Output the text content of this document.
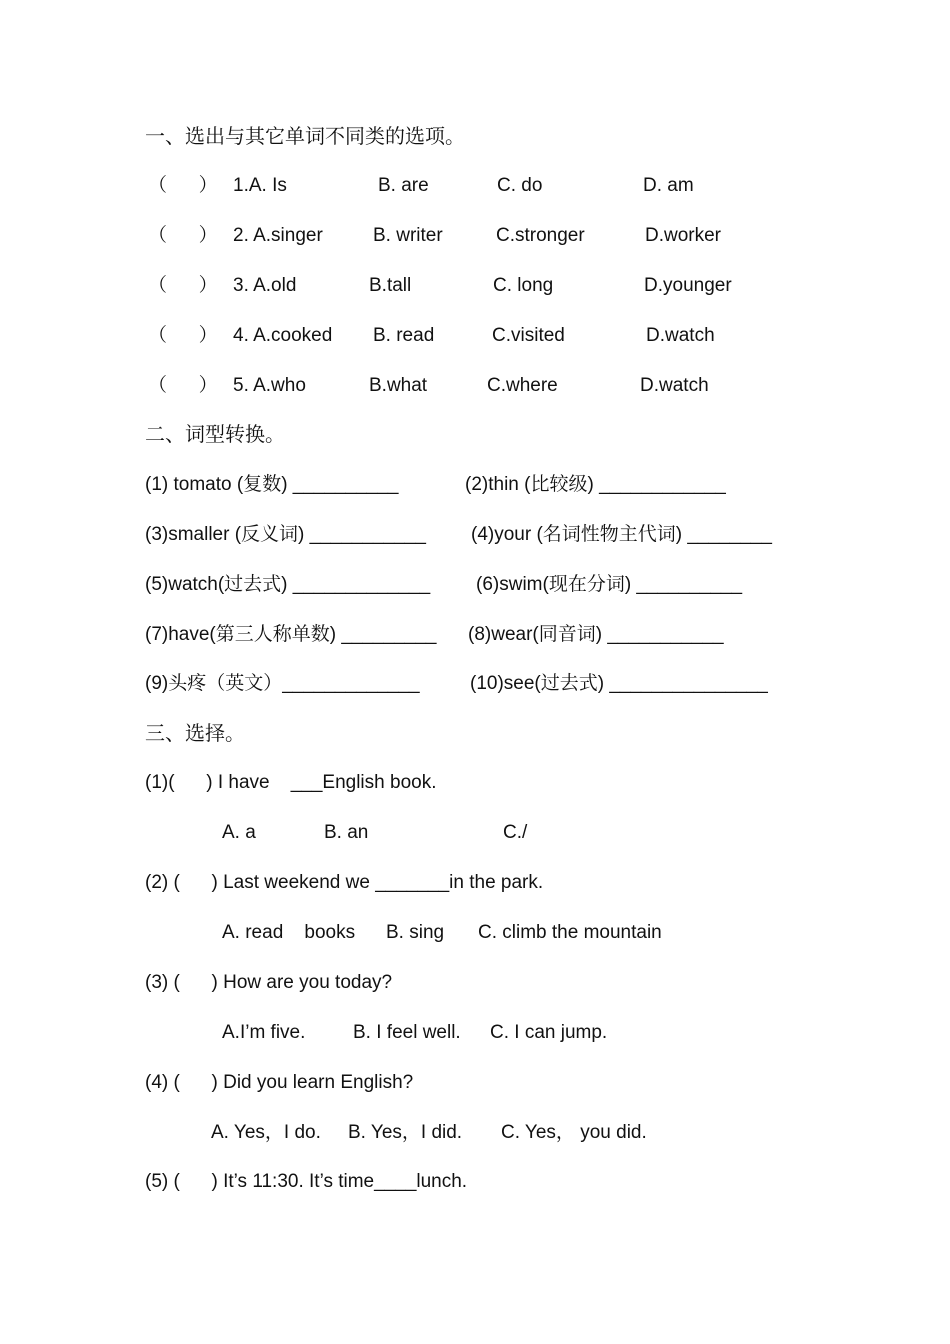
一、选出与其它单词不同类的选项。
（      ） 1.A. Is	B. are	C. do	D. am
（      ） 2. A.singer	B. writer	C.stronger	D.worker
（      ） 3. A.old	B.tall	C. long	D.younger
（      ） 4. A.cooked B. read	C.visited	D.watch
（      ） 5. A.who	B.what	C.where	D.watch
二、词型转换。
(1) tomato (复数) __________	(2)thin (比较级) ____________
(3)smaller (反义词) ___________ (4)your (名词性物主代词) ________
(5)watch(过去式) _____________ (6)swim(现在分词) __________
(7)have(第三人称单数) _________ (8)wear(同音词) ___________
(9)头疼（英文）_____________	(10)see(过去式) _______________
三、选择。
(1)(      ) I have    ___English book.
A. a	B. an	C./
(2) (      ) Last weekend we _______in the park.
A. read    books B. sing C. climb the mountain
(3) (      ) How are you today?
A.I’m five.	B. I feel well. C. I can jump.
(4) (      ) Did you learn English?
A. Yes，I do. B. Yes，I did. C. Yes， you did.
(5) (      ) It’s 11:30. It’s time____lunch.
